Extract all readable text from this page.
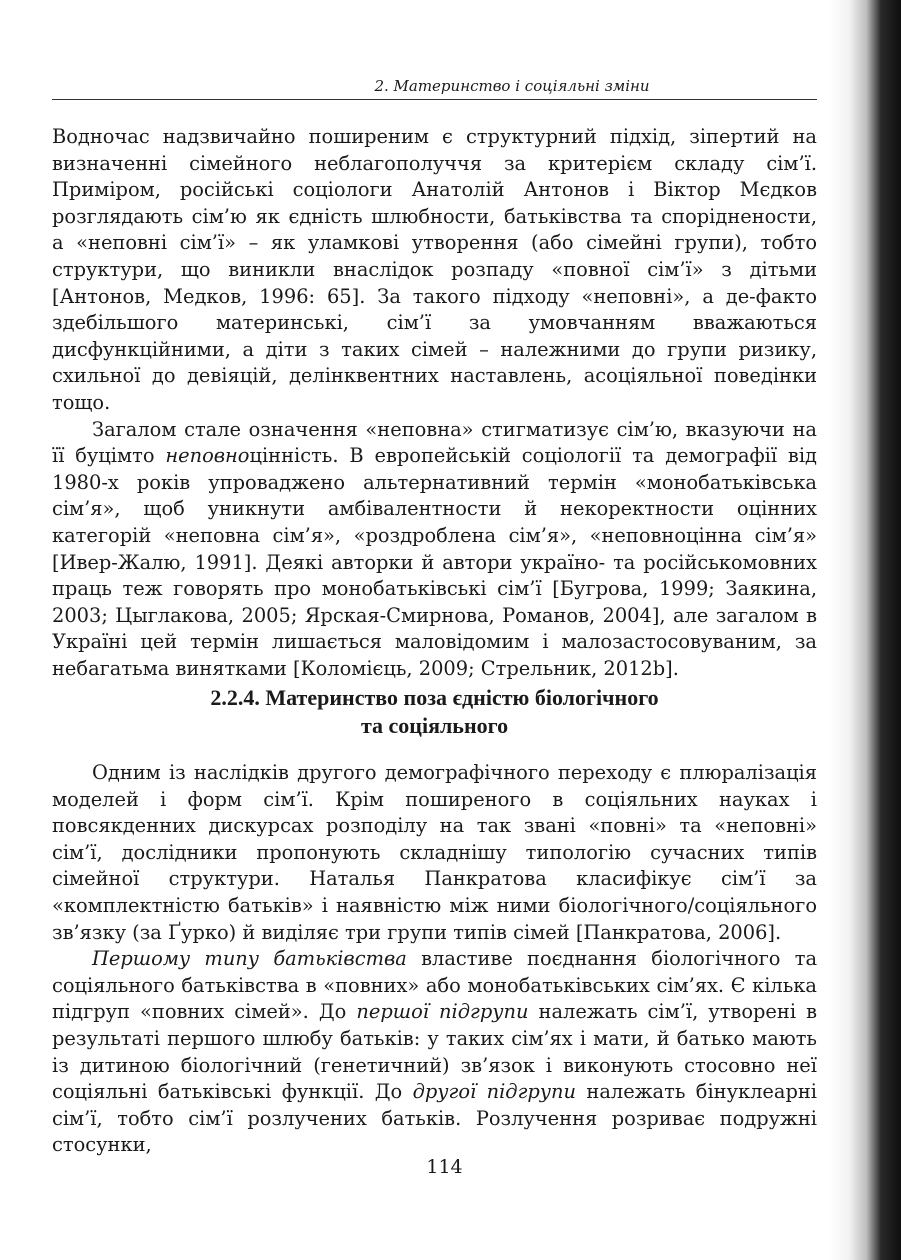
2. Материнство і соціяльні зміни

Водночас надзвичайно поширеним є структурний підхід, зіпертий на визначенні сімейного неблагополуччя за критерієм складу сім’ї. Приміром, російські соціологи Анатолій Антонов і Віктор Мєдков розглядають сім’ю як єдність шлюбности, батьківства та споріднености, а «неповні сім’ї» – як уламкові утворення (або сімейні групи), тобто структури, що виникли внаслідок розпаду «повної сім’ї» з дітьми [Антонов, Медков, 1996: 65]. За такого підходу «неповні», а де-факто здебільшого материнські, сім’ї за умовчанням вважаються дисфункційними, а діти з таких сімей – належними до групи ризику, схильної до девіяцій, делінквентних наставлень, асоціяльної поведінки тощо.

Загалом стале означення «неповна» стигматизує сім’ю, вказуючи на її буцімто неповноцінність. В европейській соціології та демографії від 1980-х років упроваджено альтернативний термін «монобатьківська сім’я», щоб уникнути амбівалентности й некоректности оцінних категорій «неповна сім’я», «роздроблена сім’я», «неповноцінна сім’я» [Ивер-Жалю, 1991]. Деякі авторки й автори україно- та російськомовних праць теж говорять про монобатьківські сім’ї [Бугрова, 1999; Заякина, 2003; Цыглакова, 2005; Ярская-Смирнова, Романов, 2004], але загалом в Україні цей термін лишається маловідомим і малозастосовуваним, за небагатьма винятками [Коломієць, 2009; Стрельник, 2012b].

2.2.4. Материнство поза єдністю біологічного
та соціяльного

Одним із наслідків другого демографічного переходу є плюралізація моделей і форм сім’ї. Крім поширеного в соціяльних науках і повсякденних дискурсах розподілу на так звані «повні» та «неповні» сім’ї, дослідники пропонують складнішу типологію сучасних типів сімейної структури. Наталья Панкратова класифікує сім’ї за «комплектністю батьків» і наявністю між ними біологічного/соціяльного зв’язку (за Ґурко) й виділяє три групи типів сімей [Панкратова, 2006].

Першому типу батьківства властиве поєднання біологічного та соціяльного батьківства в «повних» або монобатьківських сім’ях. Є кілька підгруп «повних сімей». До першої підгрупи належать сім’ї, утворені в результаті першого шлюбу батьків: у таких сім’ях і мати, й батько мають із дитиною біологічний (генетичний) зв’язок і виконують стосовно неї соціяльні батьківські функції. До другої підгрупи належать бінуклеарні сім’ї, тобто сім’ї розлучених батьків. Розлучення розриває подружні стосунки,

114
